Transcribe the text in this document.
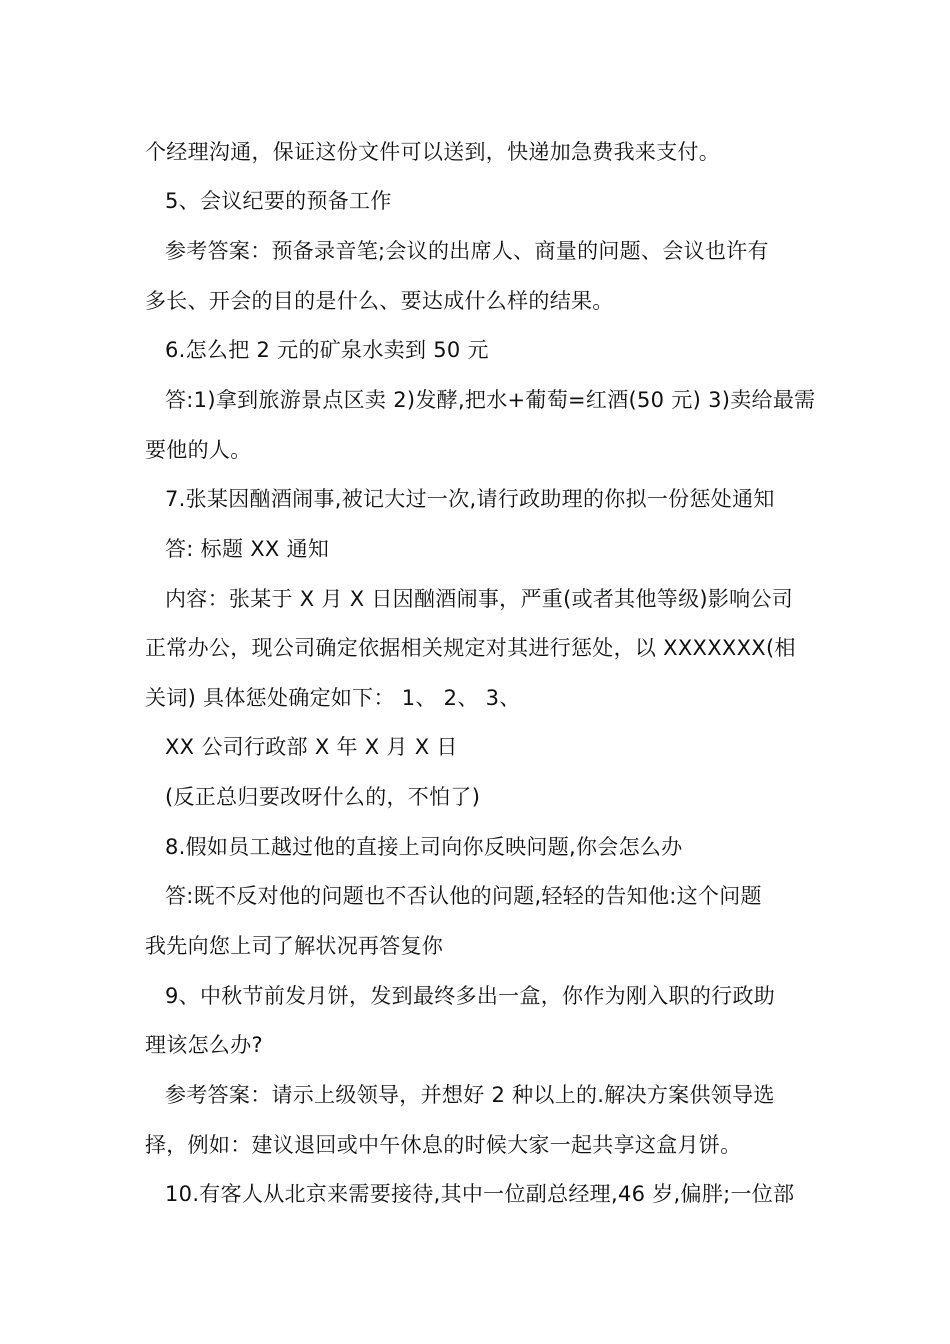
个经理沟通，保证这份文件可以送到，快递加急费我来支付。
5、会议纪要的预备工作
参考答案：预备录音笔;会议的出席人、商量的问题、会议也许有
多长、开会的目的是什么、要达成什么样的结果。
6.怎么把 2 元的矿泉水卖到 50 元
答:1)拿到旅游景点区卖 2)发酵,把水+葡萄=红酒(50 元) 3)卖给最需
要他的人。
7.张某因酗酒闹事,被记大过一次,请行政助理的你拟一份惩处通知
答: 标题 XX 通知
内容：张某于 X 月 X 日因酗酒闹事，严重(或者其他等级)影响公司
正常办公，现公司确定依据相关规定对其进行惩处，以 XXXXXXX(相
关词) 具体惩处确定如下： 1、 2、 3、
XX 公司行政部 X 年 X 月 X 日
(反正总归要改呀什么的，不怕了)
8.假如员工越过他的直接上司向你反映问题,你会怎么办
答:既不反对他的问题也不否认他的问题,轻轻的告知他:这个问题
我先向您上司了解状况再答复你
9、中秋节前发月饼，发到最终多出一盒，你作为刚入职的行政助
理该怎么办?
参考答案：请示上级领导，并想好 2 种以上的.解决方案供领导选
择，例如：建议退回或中午休息的时候大家一起共享这盒月饼。
10.有客人从北京来需要接待,其中一位副总经理,46 岁,偏胖;一位部
